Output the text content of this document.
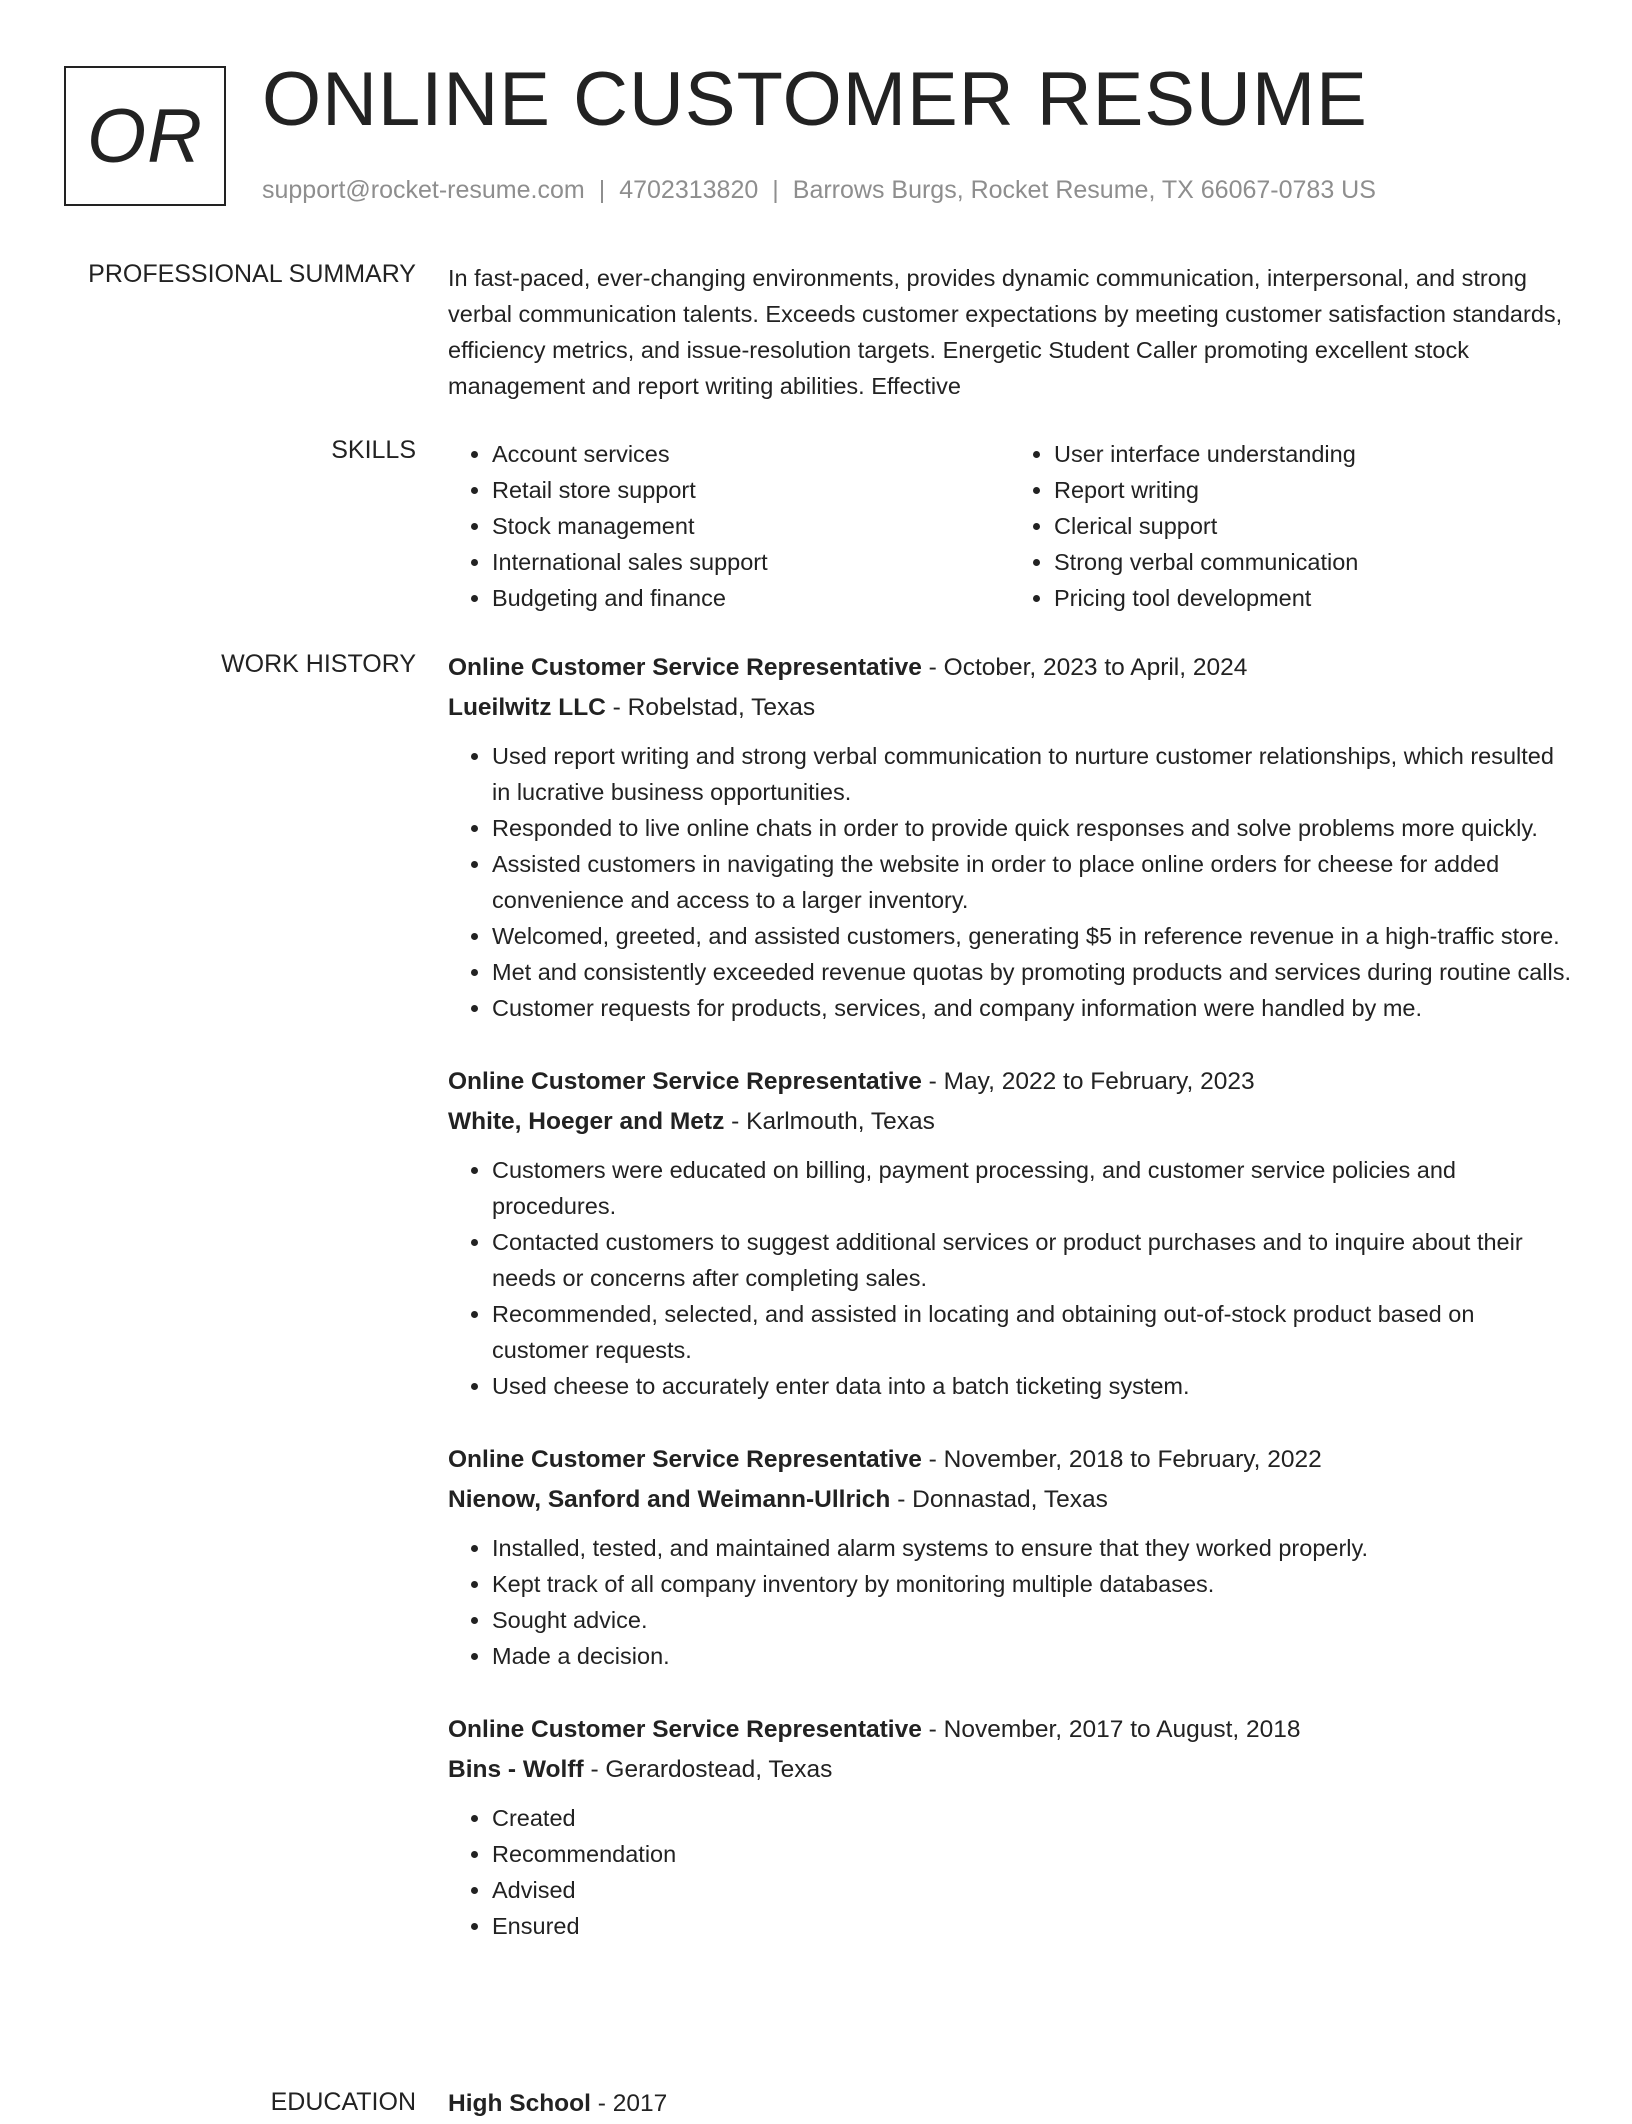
OR ONLINE CUSTOMER RESUME
support@rocket-resume.com | 4702313820 | Barrows Burgs, Rocket Resume, TX 66067-0783 US
PROFESSIONAL SUMMARY In fast-paced, ever-changing environments, provides dynamic communication, interpersonal, and strong verbal communication talents. Exceeds customer expectations by meeting customer satisfaction standards, efficiency metrics, and issue-resolution targets. Energetic Student Caller promoting excellent stock management and report writing abilities. Effective
SKILLS
•	Account services
• Retail store support
• Stock management
• International sales support
• Budgeting and finance
• User interface understanding
• Report writing
• Clerical support
• Strong verbal communication
• Pricing tool development
WORK HISTORY Online Customer Service Representative - October, 2023 to April, 2024
Lueilwitz LLC - Robelstad, Texas
• Used report writing and strong verbal communication to nurture customer relationships, which resulted in lucrative business opportunities.
• Responded to live online chats in order to provide quick responses and solve problems more quickly.
• Assisted customers in navigating the website in order to place online orders for cheese for added convenience and access to a larger inventory.
• Welcomed, greeted, and assisted customers, generating $5 in reference revenue in a high-traffic store.
• Met and consistently exceeded revenue quotas by promoting products and services during routine calls.
• Customer requests for products, services, and company information were handled by me.
Online Customer Service Representative - May, 2022 to February, 2023
White, Hoeger and Metz - Karlmouth, Texas
• Customers were educated on billing, payment processing, and customer service policies and procedures.
• Contacted customers to suggest additional services or product purchases and to inquire about their needs or concerns after completing sales.
• Recommended, selected, and assisted in locating and obtaining out-of-stock product based on customer requests.
• Used cheese to accurately enter data into a batch ticketing system.
Online Customer Service Representative - November, 2018 to February, 2022
Nienow, Sanford and Weimann-Ullrich - Donnastad, Texas
• Installed, tested, and maintained alarm systems to ensure that they worked properly.
• Kept track of all company inventory by monitoring multiple databases.
• Sought advice.
• Made a decision.
Online Customer Service Representative - November, 2017 to August, 2018
Bins - Wolff - Gerardostead, Texas
• Created
• Recommendation
• Advised
• Ensured
EDUCATION High School - 2017
